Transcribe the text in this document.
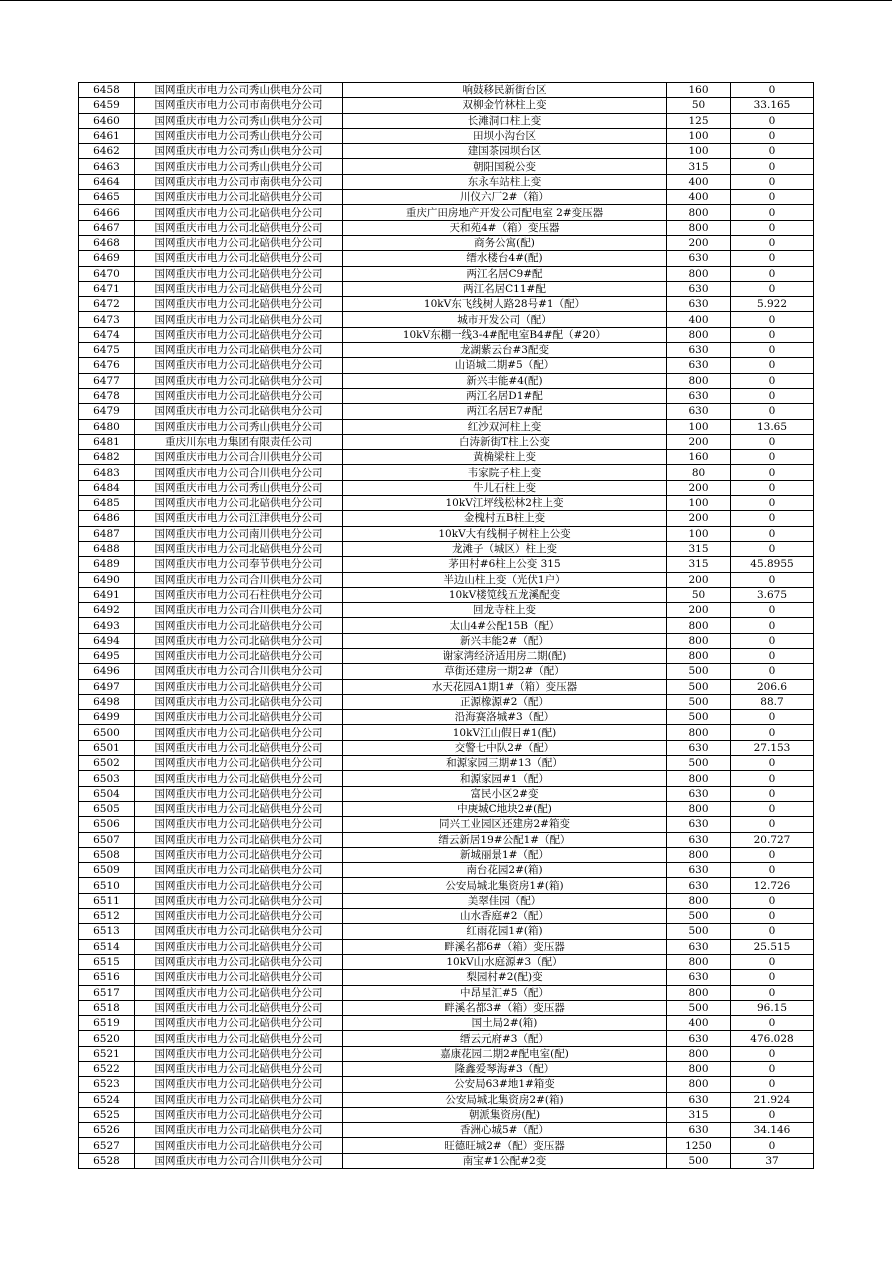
6458	国网重庆市电力公司秀山供电分公司	响鼓移民新街台区	160	0
6459	国网重庆市电力公司市南供电分公司	双柳金竹林柱上变	50	33.165
6460	国网重庆市电力公司秀山供电分公司	长滩洞口柱上变	125	0
6461	国网重庆市电力公司秀山供电分公司	田坝小沟台区	100	0
6462	国网重庆市电力公司秀山供电分公司	建国茶园坝台区	100	0
6463	国网重庆市电力公司秀山供电分公司	朝阳国税公变	315	0
6464	国网重庆市电力公司市南供电分公司	东永车站柱上变	400	0
6465	国网重庆市电力公司北碚供电分公司	川仪六厂2#（箱）	400	0
6466	国网重庆市电力公司北碚供电分公司	重庆广田房地产开发公司配电室 2#变压器	800	0
6467	国网重庆市电力公司北碚供电分公司	天和苑4#（箱）变压器	800	0
6468	国网重庆市电力公司北碚供电分公司	商务公寓(配)	200	0
6469	国网重庆市电力公司北碚供电分公司	缙水楼台4#(配)	630	0
6470	国网重庆市电力公司北碚供电分公司	两江名居C9#配	800	0
6471	国网重庆市电力公司北碚供电分公司	两江名居C11#配	630	0
6472	国网重庆市电力公司北碚供电分公司	10kV东飞线树人路28号#1（配）	630	5.922
6473	国网重庆市电力公司北碚供电分公司	城市开发公司（配）	400	0
6474	国网重庆市电力公司北碚供电分公司	10kV东棚一线3-4#配电室B4#配（#20）	800	0
6475	国网重庆市电力公司北碚供电分公司	龙湖紫云台#3配变	630	0
6476	国网重庆市电力公司北碚供电分公司	山语城二期#5（配）	630	0
6477	国网重庆市电力公司北碚供电分公司	新兴丰能#4(配)	800	0
6478	国网重庆市电力公司北碚供电分公司	两江名居D1#配	630	0
6479	国网重庆市电力公司北碚供电分公司	两江名居E7#配	630	0
6480	国网重庆市电力公司秀山供电分公司	红沙双河柱上变	100	13.65
6481	重庆川东电力集团有限责任公司	白涛新街T柱上公变	200	0
6482	国网重庆市电力公司合川供电分公司	黄桷梁柱上变	160	0
6483	国网重庆市电力公司合川供电分公司	韦家院子柱上变	80	0
6484	国网重庆市电力公司秀山供电分公司	牛儿石柱上变	200	0
6485	国网重庆市电力公司北碚供电分公司	10kV江坪线松林2柱上变	100	0
6486	国网重庆市电力公司江津供电分公司	金槐村五B柱上变	200	0
6487	国网重庆市电力公司南川供电分公司	10kV大有线桐子树柱上公变	100	0
6488	国网重庆市电力公司北碚供电分公司	龙滩子（城区）柱上变	315	0
6489	国网重庆市电力公司奉节供电分公司	茅田村#6柱上公变 315	315	45.8955
6490	国网重庆市电力公司合川供电分公司	半边山柱上变（光伏1户）	200	0
6491	国网重庆市电力公司石柱供电分公司	10kV楼笕线五龙溪配变	50	3.675
6492	国网重庆市电力公司合川供电分公司	回龙寺柱上变	200	0
6493	国网重庆市电力公司北碚供电分公司	太山4#公配15B（配）	800	0
6494	国网重庆市电力公司北碚供电分公司	新兴丰能2#（配）	800	0
6495	国网重庆市电力公司北碚供电分公司	谢家湾经济适用房二期(配)	800	0
6496	国网重庆市电力公司合川供电分公司	草街还建房一期2#（配）	500	0
6497	国网重庆市电力公司北碚供电分公司	水天花园A1期1#（箱）变压器	500	206.6
6498	国网重庆市电力公司北碚供电分公司	正源橡源#2（配）	500	88.7
6499	国网重庆市电力公司北碚供电分公司	沿海赛洛城#3（配）	500	0
6500	国网重庆市电力公司北碚供电分公司	10kV江山假日#1(配)	800	0
6501	国网重庆市电力公司北碚供电分公司	交警七中队2#（配）	630	27.153
6502	国网重庆市电力公司北碚供电分公司	和源家园三期#13（配）	500	0
6503	国网重庆市电力公司北碚供电分公司	和源家园#1（配）	800	0
6504	国网重庆市电力公司北碚供电分公司	富民小区2#变	630	0
6505	国网重庆市电力公司北碚供电分公司	中庚城C地块2#(配)	800	0
6506	国网重庆市电力公司北碚供电分公司	同兴工业园区还建房2#箱变	630	0
6507	国网重庆市电力公司北碚供电分公司	缙云新居19#公配1#（配）	630	20.727
6508	国网重庆市电力公司北碚供电分公司	新城丽景1#（配）	800	0
6509	国网重庆市电力公司北碚供电分公司	南台花园2#(箱)	630	0
6510	国网重庆市电力公司北碚供电分公司	公安局城北集资房1#(箱)	630	12.726
6511	国网重庆市电力公司北碚供电分公司	美翠佳园（配）	800	0
6512	国网重庆市电力公司北碚供电分公司	山水香庭#2（配）	500	0
6513	国网重庆市电力公司北碚供电分公司	红雨花园1#(箱)	500	0
6514	国网重庆市电力公司北碚供电分公司	畔溪名都6#（箱）变压器	630	25.515
6515	国网重庆市电力公司北碚供电分公司	10kV山水庭源#3（配）	800	0
6516	国网重庆市电力公司北碚供电分公司	梨园村#2(配)变	630	0
6517	国网重庆市电力公司北碚供电分公司	中昂星汇#5（配）	800	0
6518	国网重庆市电力公司北碚供电分公司	畔溪名都3#（箱）变压器	500	96.15
6519	国网重庆市电力公司北碚供电分公司	国土局2#(箱)	400	0
6520	国网重庆市电力公司北碚供电分公司	缙云元府#3（配）	630	476.028
6521	国网重庆市电力公司北碚供电分公司	嘉康花园二期2#配电室(配)	800	0
6522	国网重庆市电力公司北碚供电分公司	隆鑫爱琴海#3（配）	800	0
6523	国网重庆市电力公司北碚供电分公司	公安局63#地1#箱变	800	0
6524	国网重庆市电力公司北碚供电分公司	公安局城北集资房2#(箱)	630	21.924
6525	国网重庆市电力公司北碚供电分公司	朝派集资房(配)	315	0
6526	国网重庆市电力公司北碚供电分公司	香洲心城5#（配）	630	34.146
6527	国网重庆市电力公司北碚供电分公司	旺德旺城2#（配）变压器	1250	0
6528	国网重庆市电力公司合川供电分公司	南宝#1公配#2变	500	37
